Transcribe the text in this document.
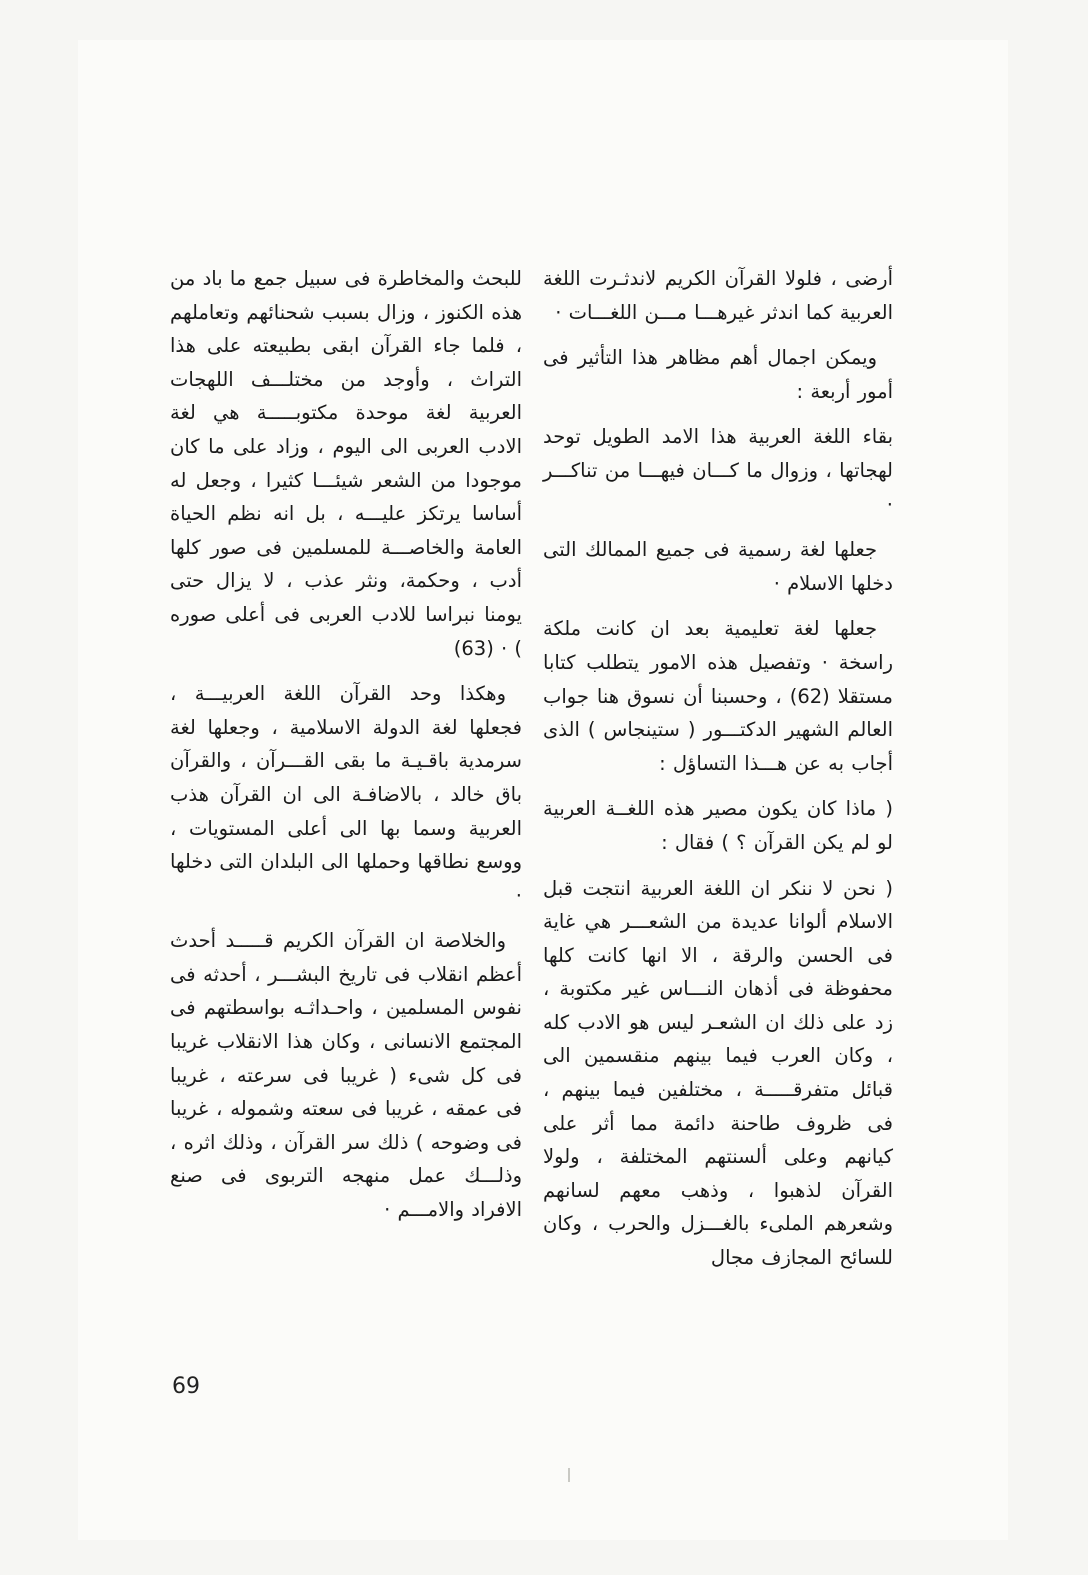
أرضى ، فلولا القرآن الكريم لاندثـرت اللغة العربية كما اندثر غيرهـــا مـــن اللغـــات ·

ويمكن اجمال أهم مظاهر هذا التأثير فى أمور أربعة :

بقاء اللغة العربية هذا الامد الطويل توحد لهجاتها ، وزوال ما كـــان فيهـــا من تناكـــر ·

جعلها لغة رسمية فى جميع الممالك التى دخلها الاسلام ·

جعلها لغة تعليمية بعد ان كانت ملكة راسخة · وتفصيل هذه الامور يتطلب كتابا مستقلا (62) ، وحسبنا أن نسوق هنا جواب العالم الشهير الدكتـــور ( ستينجاس ) الذى أجاب به عن هـــذا التساؤل :

( ماذا كان يكون مصير هذه اللغــة العربية لو لم يكن القرآن ؟ ) فقال :

( نحن لا ننكر ان اللغة العربية انتجت قبل الاسلام ألوانا عديدة من الشعـــر هي غاية فى الحسن والرقة ، الا انها كانت كلها محفوظة فى أذهان النـــاس غير مكتوبة ، زد على ذلك ان الشعـر ليس هو الادب كله ، وكان العرب فيما بينهم منقسمين الى قبائل متفرقـــــة ، مختلفين فيما بينهم ، فى ظروف طاحنة دائمة مما أثر على كيانهم وعلى ألسنتهم المختلفة ، ولولا القرآن لذهبوا ، وذهب معهم لسانهم وشعرهم الملىء بالغـــزل والحرب ، وكان للسائح المجازف مجال

للبحث والمخاطرة فى سبيل جمع ما باد من هذه الكنوز ، وزال بسبب شحنائهم وتعاملهم ، فلما جاء القرآن ابقى بطبيعته على هذا التراث ، وأوجد من مختلـــف اللهجات العربية لغة موحدة مكتوبـــــة هي لغة الادب العربى الى اليوم ، وزاد على ما كان موجودا من الشعر شيئـــا كثيرا ، وجعل له أساسا يرتكز عليـــه ، بل انه نظم الحياة العامة والخاصـــة للمسلمين فى صور كلها أدب ، وحكمة، ونثر عذب ، لا يزال حتى يومنا نبراسا للادب العربى فى أعلى صوره ) · (63)

وهكذا وحد القرآن اللغة العربيـــة ، فجعلها لغة الدولة الاسلامية ، وجعلها لغة سرمدية باقـيـة ما بقى القـــرآن ، والقرآن باق خالد ، بالاضافـة الى ان القرآن هذب العربية وسما بها الى أعلى المستويات ، ووسع نطاقها وحملها الى البلدان التى دخلها ·

والخلاصة ان القرآن الكريم قـــــد أحدث أعظم انقلاب فى تاريخ البشـــر ، أحدثه فى نفوس المسلمين ، واحـداثـه بواسطتهم فى المجتمع الانسانى ، وكان هذا الانقلاب غريبا فى كل شىء ( غريبا فى سرعته ، غريبا فى عمقه ، غريبا فى سعته وشموله ، غريبا فى وضوحه ) ذلك سر القرآن ، وذلك اثره ، وذلـــك عمل منهجه التربوى فى صنع الافراد والامـــم ·

69
